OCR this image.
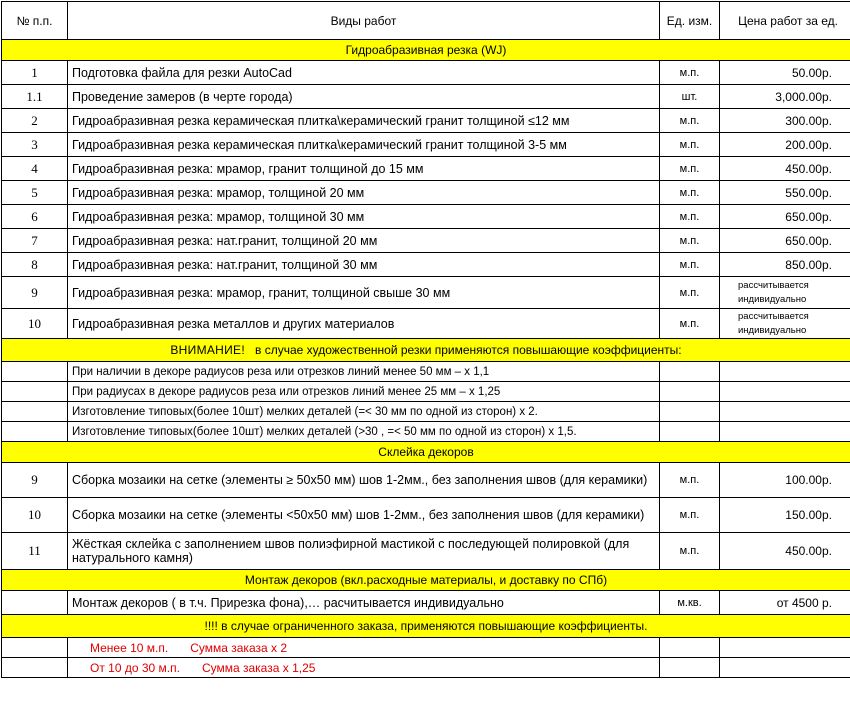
№ п.п.	Виды работ	Ед. изм.	Цена работ за ед.
Гидроабразивная резка (WJ)			
1	Подготовка файла для резки AutoCad	м.п.	50.00р.
1.1	Проведение замеров (в черте города)	шт.	3,000.00р.
2	Гидроабразивная резка керамическая плитка\керамический гранит толщиной ≤12 мм	м.п.	300.00р.
3	Гидроабразивная резка керамическая плитка\керамический гранит толщиной 3-5 мм	м.п.	200.00р.
4	Гидроабразивная резка: мрамор, гранит толщиной до 15 мм	м.п.	450.00р.
5	Гидроабразивная резка: мрамор, толщиной 20 мм	м.п.	550.00р.
6	Гидроабразивная резка: мрамор, толщиной 30 мм	м.п.	650.00р.
7	Гидроабразивная резка: нат.гранит, толщиной 20 мм	м.п.	650.00р.
8	Гидроабразивная резка: нат.гранит, толщиной 30 мм	м.п.	850.00р.
9	Гидроабразивная резка: мрамор, гранит, толщиной свыше 30 мм	м.п.	рассчитывается индивидуально
10	Гидроабразивная резка металлов и других материалов	м.п.	рассчитывается индивидуально
ВНИМАНИЕ! в случае художественной резки применяются повышающие коэффициенты:			
	При наличии в декоре радиусов реза или отрезков линий менее 50 мм – х 1,1		
	При радиусах в декоре радиусов реза или отрезков линий менее 25 мм – х 1,25		
	Изготовление типовых(более 10шт) мелких деталей (=< 30 мм по одной из сторон) х 2.		
	Изготовление типовых(более 10шт) мелких деталей (>30 , =< 50 мм по одной из сторон) х 1,5.		
Склейка декоров			
9	Сборка мозаики на сетке (элементы ≥ 50х50 мм) шов 1-2мм., без заполнения швов (для керамики)	м.п.	100.00р.
10	Сборка мозаики на сетке (элементы <50х50 мм) шов 1-2мм., без заполнения швов (для керамики)	м.п.	150.00р.
11	Жёсткая склейка с заполнением швов полиэфирной мастикой с последующей полировкой (для натурального камня)	м.п.	450.00р.
Монтаж декоров (вкл.расходные материалы, и доставку по СПб)			
	Монтаж декоров ( в т.ч. Прирезка фона),… расчитывается индивидуально	м.кв.	от 4500 р.
!!!! в случае ограниченного заказа, применяются повышающие коэффициенты.			
	Менее 10 м.п. Сумма заказа х 2		
	От 10 до 30 м.п. Сумма заказа х 1,25		
